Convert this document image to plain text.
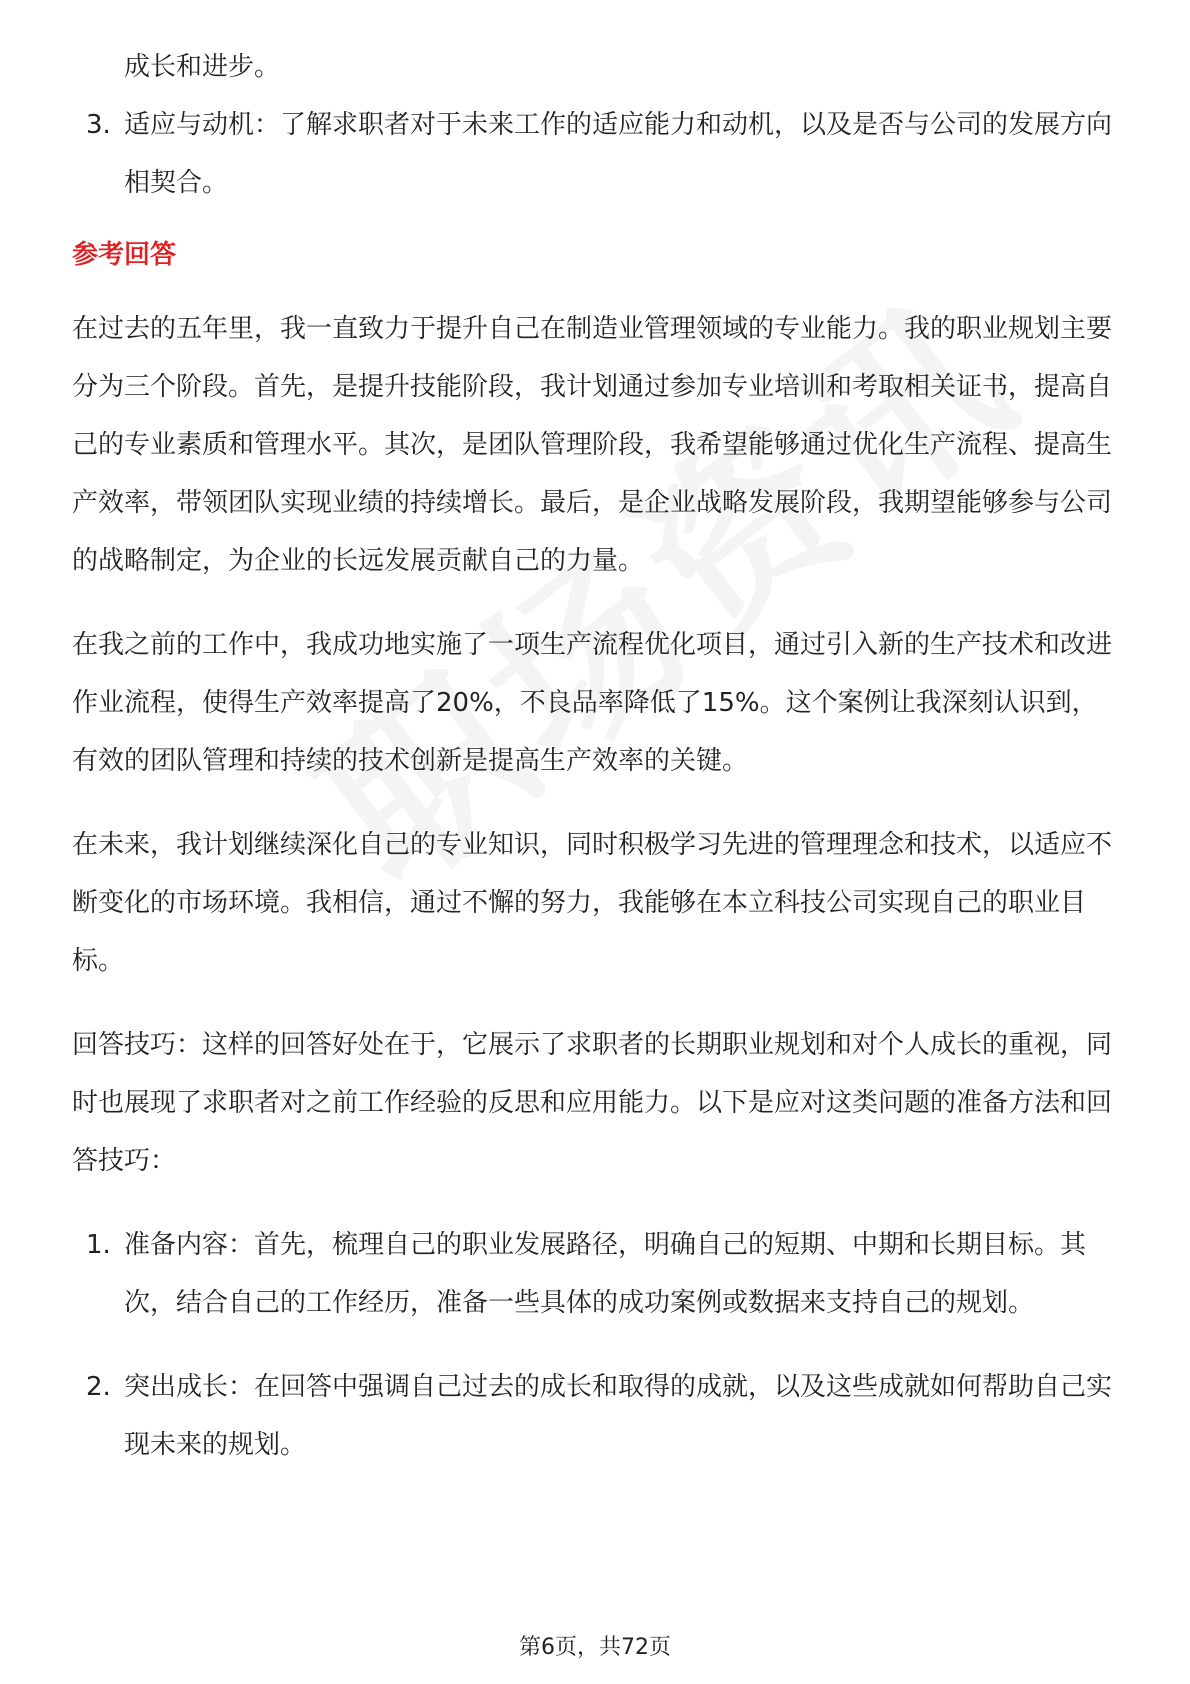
成长和进步。
3. 适应与动机：了解求职者对于未来工作的适应能力和动机，以及是否与公司的发展方向相契合。
参考回答

在过去的五年里，我一直致力于提升自己在制造业管理领域的专业能力。我的职业规划主要分为三个阶段。首先，是提升技能阶段，我计划通过参加专业培训和考取相关证书，提高自己的专业素质和管理水平。其次，是团队管理阶段，我希望能够通过优化生产流程、提高生产效率，带领团队实现业绩的持续增长。最后，是企业战略发展阶段，我期望能够参与公司的战略制定，为企业的长远发展贡献自己的力量。

在我之前的工作中，我成功地实施了一项生产流程优化项目，通过引入新的生产技术和改进作业流程，使得生产效率提高了20%，不良品率降低了15%。这个案例让我深刻认识到，有效的团队管理和持续的技术创新是提高生产效率的关键。

在未来，我计划继续深化自己的专业知识，同时积极学习先进的管理理念和技术，以适应不断变化的市场环境。我相信，通过不懈的努力，我能够在本立科技公司实现自己的职业目标。

回答技巧：这样的回答好处在于，它展示了求职者的长期职业规划和对个人成长的重视，同时也展现了求职者对之前工作经验的反思和应用能力。以下是应对这类问题的准备方法和回答技巧：

1. 准备内容：首先，梳理自己的职业发展路径，明确自己的短期、中期和长期目标。其次，结合自己的工作经历，准备一些具体的成功案例或数据来支持自己的规划。
2. 突出成长：在回答中强调自己过去的成长和取得的成就，以及这些成就如何帮助自己实现未来的规划。
第6页，共72页
